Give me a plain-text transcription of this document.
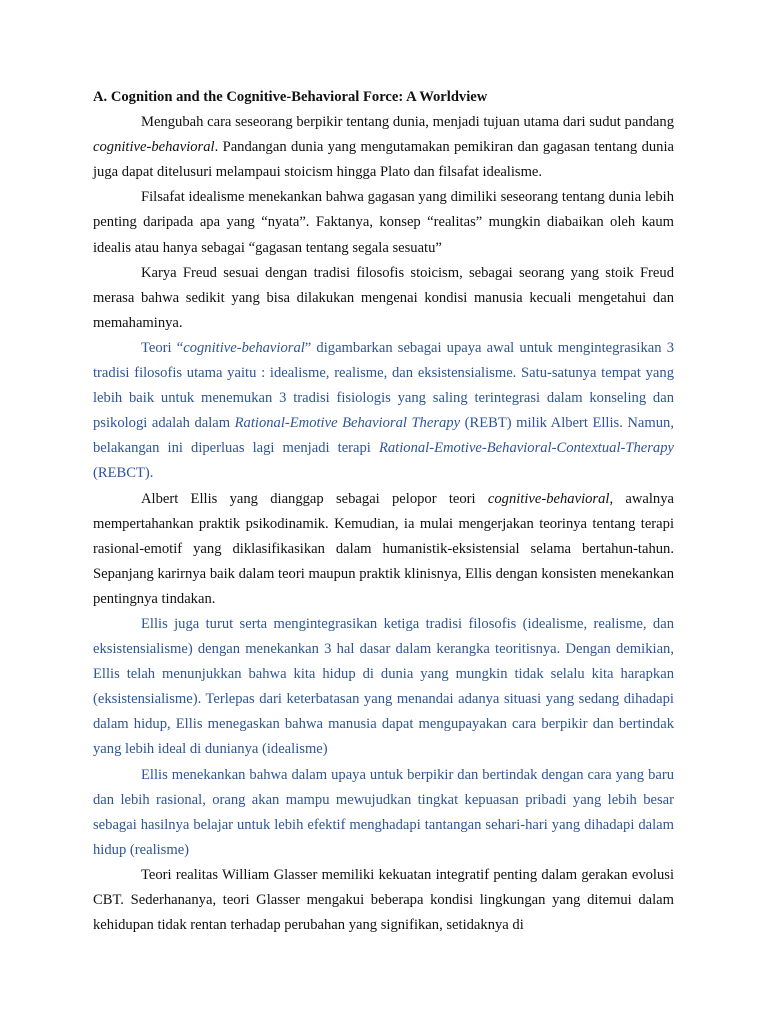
A. Cognition and the Cognitive-Behavioral Force: A Worldview

Mengubah cara seseorang berpikir tentang dunia, menjadi tujuan utama dari sudut pandang cognitive-behavioral. Pandangan dunia yang mengutamakan pemikiran dan gagasan tentang dunia juga dapat ditelusuri melampaui stoicism hingga Plato dan filsafat idealisme.

Filsafat idealisme menekankan bahwa gagasan yang dimiliki seseorang tentang dunia lebih penting daripada apa yang “nyata”. Faktanya, konsep “realitas” mungkin diabaikan oleh kaum idealis atau hanya sebagai “gagasan tentang segala sesuatu”

Karya Freud sesuai dengan tradisi filosofis stoicism, sebagai seorang yang stoik Freud merasa bahwa sedikit yang bisa dilakukan mengenai kondisi manusia kecuali mengetahui dan memahaminya.

Teori “cognitive-behavioral” digambarkan sebagai upaya awal untuk mengintegrasikan 3 tradisi filosofis utama yaitu : idealisme, realisme, dan eksistensialisme. Satu-satunya tempat yang lebih baik untuk menemukan 3 tradisi fisiologis yang saling terintegrasi dalam konseling dan psikologi adalah dalam Rational-Emotive Behavioral Therapy (REBT) milik Albert Ellis. Namun, belakangan ini diperluas lagi menjadi terapi Rational-Emotive-Behavioral-Contextual-Therapy (REBCT).

Albert Ellis yang dianggap sebagai pelopor teori cognitive-behavioral, awalnya mempertahankan praktik psikodinamik. Kemudian, ia mulai mengerjakan teorinya tentang terapi rasional-emotif yang diklasifikasikan dalam humanistik-eksistensial selama bertahun-tahun. Sepanjang karirnya baik dalam teori maupun praktik klinisnya, Ellis dengan konsisten menekankan pentingnya tindakan.

Ellis juga turut serta mengintegrasikan ketiga tradisi filosofis (idealisme, realisme, dan eksistensialisme) dengan menekankan 3 hal dasar dalam kerangka teoritisnya. Dengan demikian, Ellis telah menunjukkan bahwa kita hidup di dunia yang mungkin tidak selalu kita harapkan (eksistensialisme). Terlepas dari keterbatasan yang menandai adanya situasi yang sedang dihadapi dalam hidup, Ellis menegaskan bahwa manusia dapat mengupayakan cara berpikir dan bertindak yang lebih ideal di dunianya (idealisme)

Ellis menekankan bahwa dalam upaya untuk berpikir dan bertindak dengan cara yang baru dan lebih rasional, orang akan mampu mewujudkan tingkat kepuasan pribadi yang lebih besar sebagai hasilnya belajar untuk lebih efektif menghadapi tantangan sehari-hari yang dihadapi dalam hidup (realisme)

Teori realitas William Glasser memiliki kekuatan integratif penting dalam gerakan evolusi CBT. Sederhananya, teori Glasser mengakui beberapa kondisi lingkungan yang ditemui dalam kehidupan tidak rentan terhadap perubahan yang signifikan, setidaknya di
